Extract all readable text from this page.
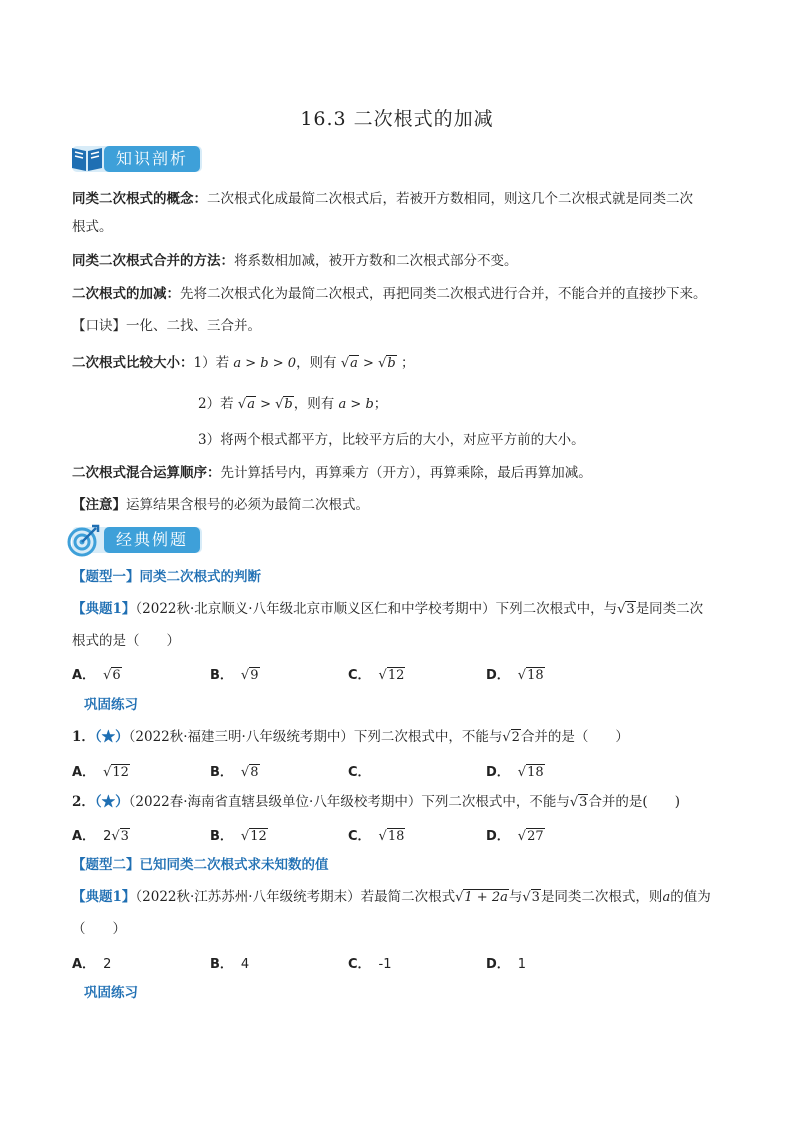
16.3 二次根式的加减
知识剖析
同类二次根式的概念：二次根式化成最简二次根式后，若被开方数相同，则这几个二次根式就是同类二次
根式。
同类二次根式合并的方法：将系数相加减，被开方数和二次根式部分不变。
二次根式的加减：先将二次根式化为最简二次根式，再把同类二次根式进行合并，不能合并的直接抄下来。
【口诀】一化、二找、三合并。
二次根式比较大小：1）若 a > b > 0，则有 √a > √b ；
2）若 √a > √b，则有 a > b；
3）将两个根式都平方，比较平方后的大小，对应平方前的大小。
二次根式混合运算顺序：先计算括号内，再算乘方（开方），再算乘除，最后再算加减。
【注意】运算结果含根号的必须为最简二次根式。
经典例题
【题型一】同类二次根式的判断
【典题1】（2022秋·北京顺义·八年级北京市顺义区仁和中学校考期中）下列二次根式中，与√3是同类二次
根式的是（　　）
A． √6	B． √9	C． √12	D． √18
巩固练习
1．（★）（2022秋·福建三明·八年级统考期中）下列二次根式中，不能与√2合并的是（　　）
A． √12	B． √8	C．	D． √18
2．（★）（2022春·海南省直辖县级单位·八年级校考期中）下列二次根式中，不能与√3合并的是(　　)
A． 2√3	B． √12	C． √18	D． √27
【题型二】已知同类二次根式求未知数的值
【典题1】（2022秋·江苏苏州·八年级统考期末）若最简二次根式√1 + 2a与√3是同类二次根式，则a的值为
（　　）
A． 2	B． 4	C． -1	D． 1
巩固练习
